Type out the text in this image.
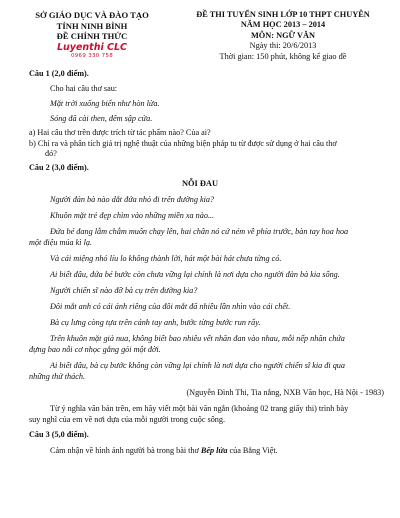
SỞ GIÁO DỤC VÀ ĐÀO TẠO
TỈNH NINH BÌNH
ĐỀ CHÍNH THỨC
Luyenthi CLC
0969 330 758
ĐỀ THI TUYỂN SINH LỚP 10 THPT CHUYÊN
NĂM HỌC 2013 – 2014
MÔN: NGỮ VĂN
Ngày thi: 20/6/2013
Thời gian: 150 phút, không kể giao đề
Câu 1 (2,0 điểm).
Cho hai câu thơ sau:
Mặt trời xuống biển như hòn lửa.
Sóng đã cài then, đêm sập cửa.
a) Hai câu thơ trên được trích từ tác phẩm nào? Của ai?
b) Chỉ ra và phân tích giá trị nghệ thuật của những biện pháp tu từ được sử dụng ở hai câu thơ
đó?
Câu 2 (3,0 điểm).
NỖI ĐAU
Người đàn bà nào dắt đứa nhỏ đi trên đường kia?
Khuôn mặt trẻ đẹp chìm vào những miền xa nào...
Đứa bé đang lẫm chẫm muốn chạy lên, hai chân nó cứ ném về phía trước, bàn tay hoa hoa
một điệu múa kì lạ.
Và cái miệng nhỏ líu lo không thành lời, hát một bài hát chưa từng có.
Ai biết đâu, đứa bé bước còn chưa vững lại chính là nơi dựa cho người đàn bà kia sống.
Người chiến sĩ nào đỡ bà cụ trên đường kia?
Đôi mắt anh có cái ánh riêng của đôi mắt đã nhiều lần nhìn vào cái chết.
Bà cụ lưng còng tựa trên cánh tay anh, bước từng bước run rẩy.
Trên khuôn mặt già nua, không biết bao nhiêu vết nhăn đan vào nhau, mỗi nếp nhăn chứa
đựng bao nỗi cơ nhọc gắng gỏi một đời.
Ai biết đâu, bà cụ bước không còn vững lại chính là nơi dựa cho người chiến sĩ kia đi qua
những thử thách.
(Nguyễn Đình Thi, Tia nắng, NXB Văn học, Hà Nội - 1983)
Từ ý nghĩa văn bản trên, em hãy viết một bài văn ngắn (khoảng 02 trang giấy thi) trình bày
suy nghĩ của em về nơi dựa của mỗi người trong cuộc sống.
Câu 3 (5,0 điểm).
Cảm nhận về hình ảnh người bà trong bài thơ Bếp lửa của Bằng Việt.
